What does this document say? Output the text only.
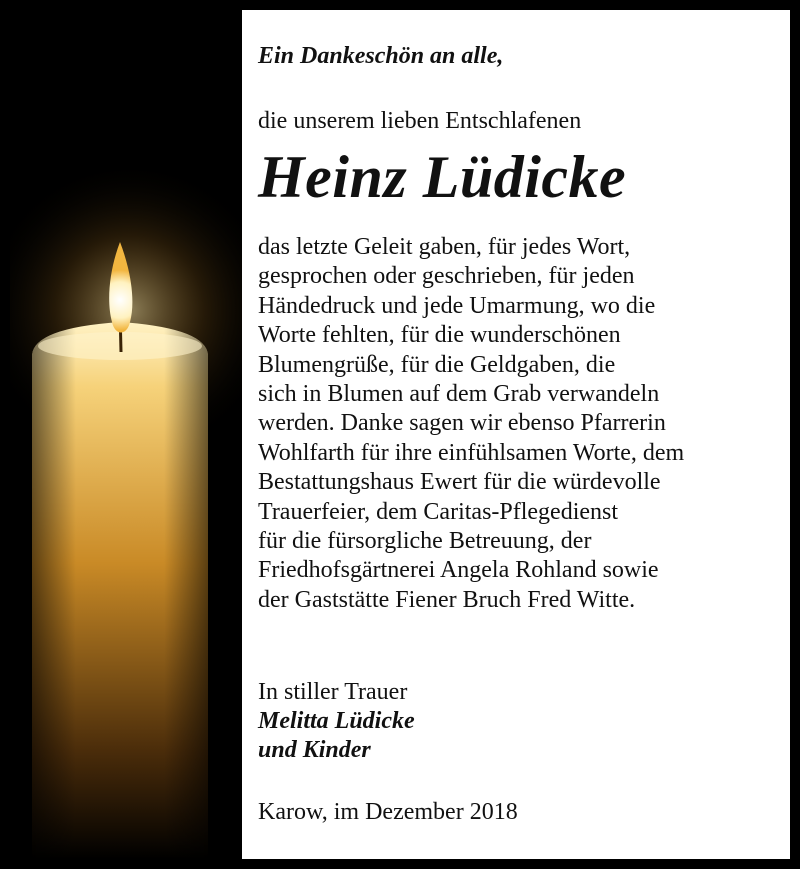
Ein Dankeschön an alle,
die unserem lieben Entschlafenen
Heinz Lüdicke
das letzte Geleit gaben, für jedes Wort,
gesprochen oder geschrieben, für jeden
Händedruck und jede Umarmung, wo die
Worte fehlten, für die wunderschönen
Blumengrüße, für die Geldgaben, die
sich in Blumen auf dem Grab verwandeln
werden. Danke sagen wir ebenso Pfarrerin
Wohlfarth für ihre einfühlsamen Worte, dem
Bestattungshaus Ewert für die würdevolle
Trauerfeier, dem Caritas-Pflegedienst
für die fürsorgliche Betreuung, der
Friedhofsgärtnerei Angela Rohland sowie
der Gaststätte Fiener Bruch Fred Witte.
In stiller Trauer
Melitta Lüdicke
und Kinder
Karow, im Dezember 2018
